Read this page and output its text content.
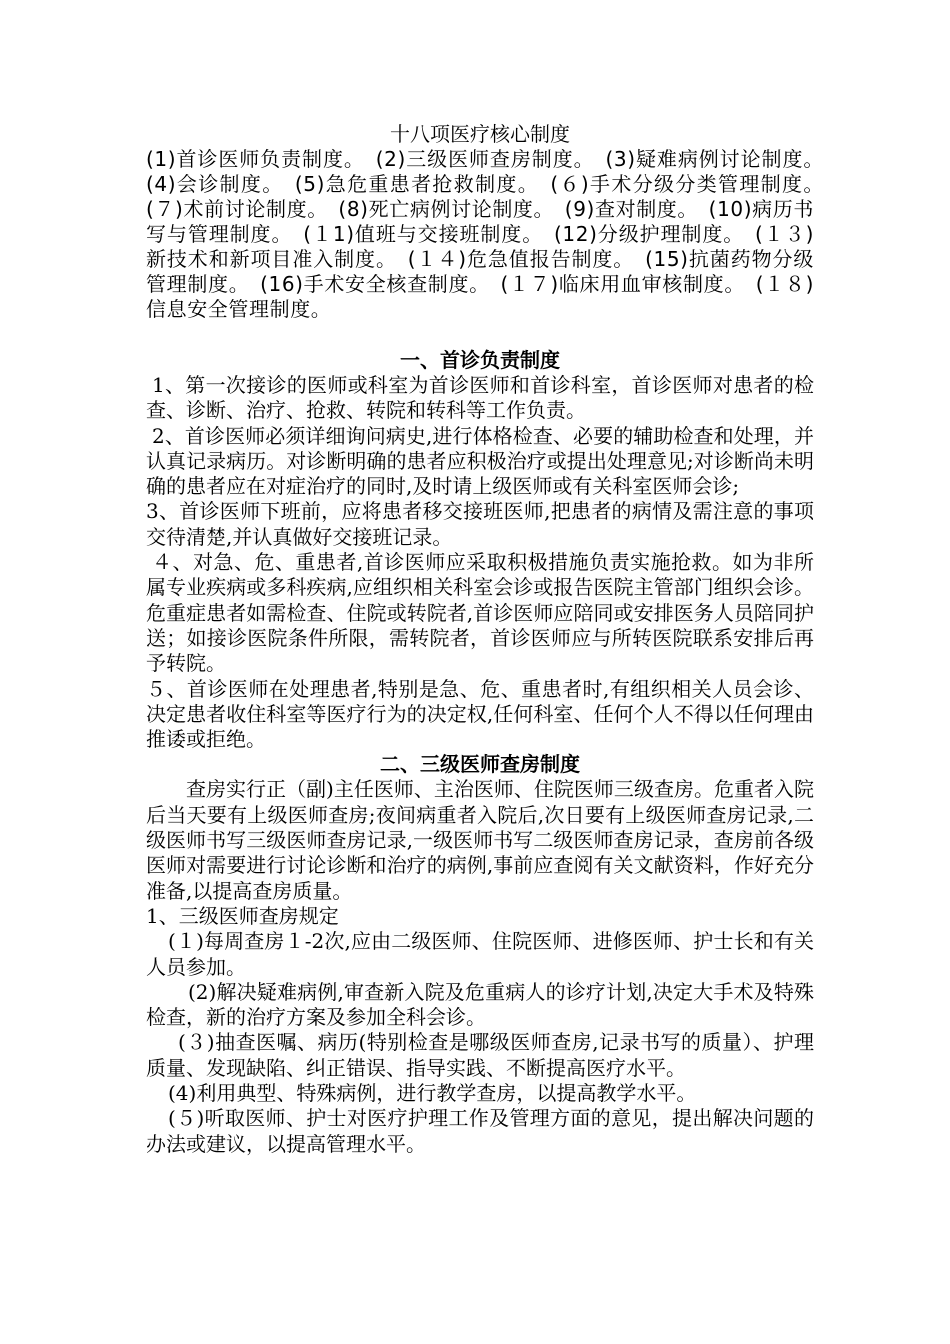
十八项医疗核心制度

(1)首诊医师负责制度。　(2)三级医师查房制度。　(3)疑难病例讨论制度。　(4)会诊制度。　(5)急危重患者抢救制度。　(６)手术分级分类管理制度。　(７)术前讨论制度。　(8)死亡病例讨论制度。　(9)查对制度。　(10)病历书写与管理制度。　(１1)值班与交接班制度。　(12)分级护理制度。　(１３)新技术和新项目准入制度。　(１４)危急值报告制度。　(15)抗菌药物分级管理制度。　(16)手术安全核查制度。　(１７)临床用血审核制度。　(１８)信息安全管理制度。

一、首诊负责制度

1、第一次接诊的医师或科室为首诊医师和首诊科室，首诊医师对患者的检查、诊断、治疗、抢救、转院和转科等工作负责。

2、首诊医师必须详细询问病史,进行体格检查、必要的辅助检查和处理，并认真记录病历。对诊断明确的患者应积极治疗或提出处理意见;对诊断尚未明确的患者应在对症治疗的同时,及时请上级医师或有关科室医师会诊;

3、首诊医师下班前，应将患者移交接班医师,把患者的病情及需注意的事项交待清楚,并认真做好交接班记录。

４、对急、危、重患者,首诊医师应采取积极措施负责实施抢救。如为非所属专业疾病或多科疾病,应组织相关科室会诊或报告医院主管部门组织会诊。危重症患者如需检查、住院或转院者,首诊医师应陪同或安排医务人员陪同护送；如接诊医院条件所限，需转院者，首诊医师应与所转医院联系安排后再予转院。

５、首诊医师在处理患者,特别是急、危、重患者时,有组织相关人员会诊、决定患者收住科室等医疗行为的决定权,任何科室、任何个人不得以任何理由推诿或拒绝。

二、三级医师查房制度

查房实行正（副)主任医师、主治医师、住院医师三级查房。危重者入院后当天要有上级医师查房;夜间病重者入院后,次日要有上级医师查房记录,二级医师书写三级医师查房记录,一级医师书写二级医师查房记录，查房前各级医师对需要进行讨论诊断和治疗的病例,事前应查阅有关文献资料，作好充分准备,以提高查房质量。

1、三级医师查房规定

(１)每周查房１-2次,应由二级医师、住院医师、进修医师、护士长和有关人员参加。

(2)解决疑难病例,审查新入院及危重病人的诊疗计划,决定大手术及特殊检查，新的治疗方案及参加全科会诊。

(３)抽查医嘱、病历(特别检查是哪级医师查房,记录书写的质量）、护理质量、发现缺陷、纠正错误、指导实践、不断提高医疗水平。

(4)利用典型、特殊病例，进行教学查房，以提高教学水平。

(５)听取医师、护士对医疗护理工作及管理方面的意见，提出解决问题的办法或建议，以提高管理水平。
